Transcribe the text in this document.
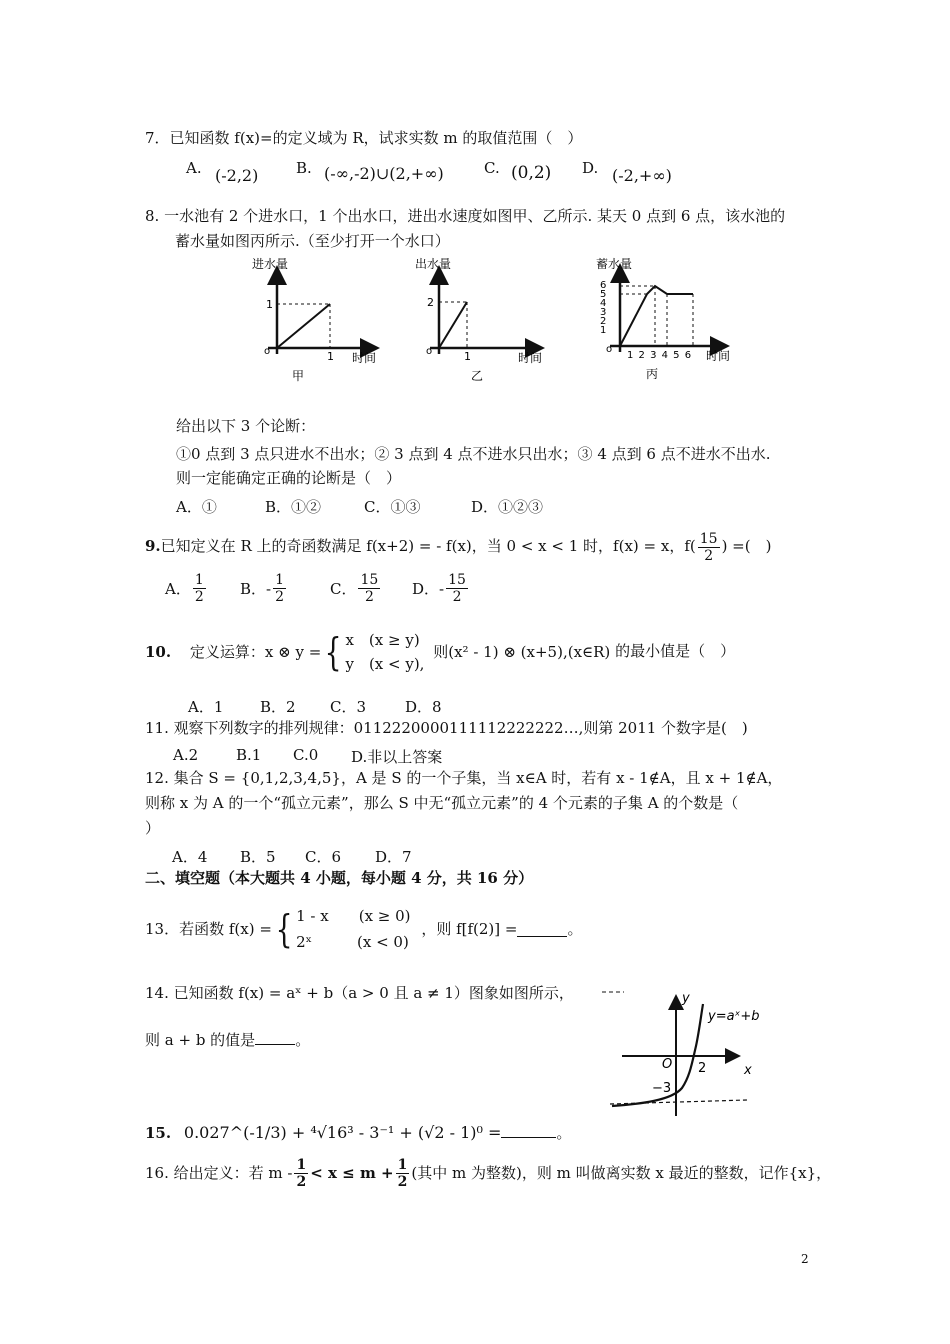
7．已知函数 f(x)=的定义域为 R，试求实数 m 的取值范围（　）
A. (-2,2)	B. (-∞,-2)∪(2,+∞)	C. (0,2) D. (-2,+∞)
8. 一水池有 2 个进水口，1 个出水口，进出水速度如图甲、乙所示. 某天 0 点到 6 点，该水池的
蓄水量如图丙所示.（至少打开一个水口）
进水量
1
o	1 时间
甲
出水量
2
o	1	时间
乙
蓄水量
6 5 4 3 2 1
o
1 2 3 4 5 6 时间
丙
给出以下 3 个论断：
①0 点到 3 点只进水不出水；② 3 点到 4 点不进水只出水；③ 4 点到 6 点不进水不出水.
则一定能确定正确的论断是（　）
A．①	B．①②	C．①③	D．①②③
9.已知定义在 R 上的奇函数满足 f(x+2) = - f(x)，当 0 < x < 1 时，f(x) = x，$f( \frac{15}{2}$ ) =(　)
A． $\frac{1}{2}$ B．- $\frac{1}{2}$	C． $\frac{15}{2}$ D．- $\frac{15}{2}$
10. 定义运算：x ⊗ y ={ x　(x ≥ y)
y　(x < y),
则(x² - 1) ⊗ (x+5),(x∈R) 的最小值是（　）
A．1 B．2 C．3	D．8
11. 观察下列数字的排列规律：0112220000111112222222…,则第 2011 个数字是(　)
A.2	B.1 C.0 D.非以上答案
12. 集合 S = {0,1,2,3,4,5}，A 是 S 的一个子集，当 x∈A 时，若有 x - 1∉A，且 x + 1∉A，
则称 x 为 A 的一个“孤立元素”，那么 S 中无“孤立元素”的 4 个元素的子集 A 的个数是（
）
A．4 B．5 C．6 D．7
二、填空题（本大题共 4 小题，每小题 4 分，共 16 分）
13．若函数 f(x) ={ 1 - x　　(x ≥ 0)
2ˣ　　　(x < 0)
，则 f[f(2)] =	。
14. 已知函数 f(x) = aˣ + b（a > 0 且 a ≠ 1）图象如图所示，
则 a + b 的值是	。
y
y=aˣ+b
O 2	x
−3
15. 0.027^(-1/3) + ⁴√16³ - 3⁻¹ + (√2 - 1)⁰ =	。
16. 给出定义：若 $m - \frac{1}{2} < x \le m + \frac{1}{2}$ (其中 m 为整数)，则 m 叫做离实数 x 最近的整数，记作{x}，
2
